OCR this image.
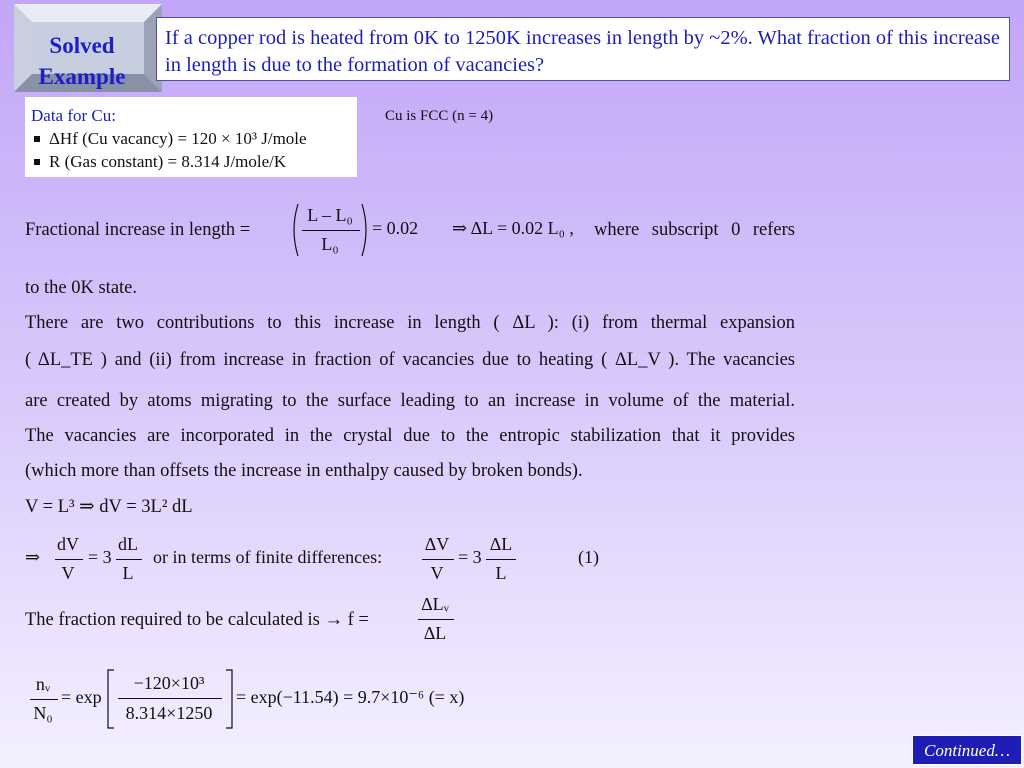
Solved
Example
If a copper rod is heated from 0K to 1250K increases in length by ~2%. What fraction of this increase in length is due to the formation of vacancies?
Data for Cu:
ΔHf (Cu vacancy) = 120 × 10³ J/mole
R (Gas constant) = 8.314 J/mole/K
Cu is FCC (n = 4)
Fractional increase in length =
L – L₀
L₀
= 0.02 ⇒ ΔL = 0.02 L₀ , where subscript 0 refers
to the 0K state.
There are two contributions to this increase in length ( ΔL ): (i) from thermal expansion
( ΔL_TE ) and (ii) from increase in fraction of vacancies due to heating ( ΔL_V ). The vacancies
are created by atoms migrating to the surface leading to an increase in volume of the material.
The vacancies are incorporated in the crystal due to the entropic stabilization that it provides
(which more than offsets the increase in enthalpy caused by broken bonds).
V = L³ ⇒ dV = 3L² dL
⇒
dV
V
= 3
dL
L
or in terms of finite differences:
ΔV
V
= 3
ΔL
L
(1)
The fraction required to be calculated is → f =
ΔLᵥ
ΔL
nᵥ
N₀
= exp
−120×10³
8.314×1250
= exp(−11.54) = 9.7×10⁻⁶ (= x)
Continued…
